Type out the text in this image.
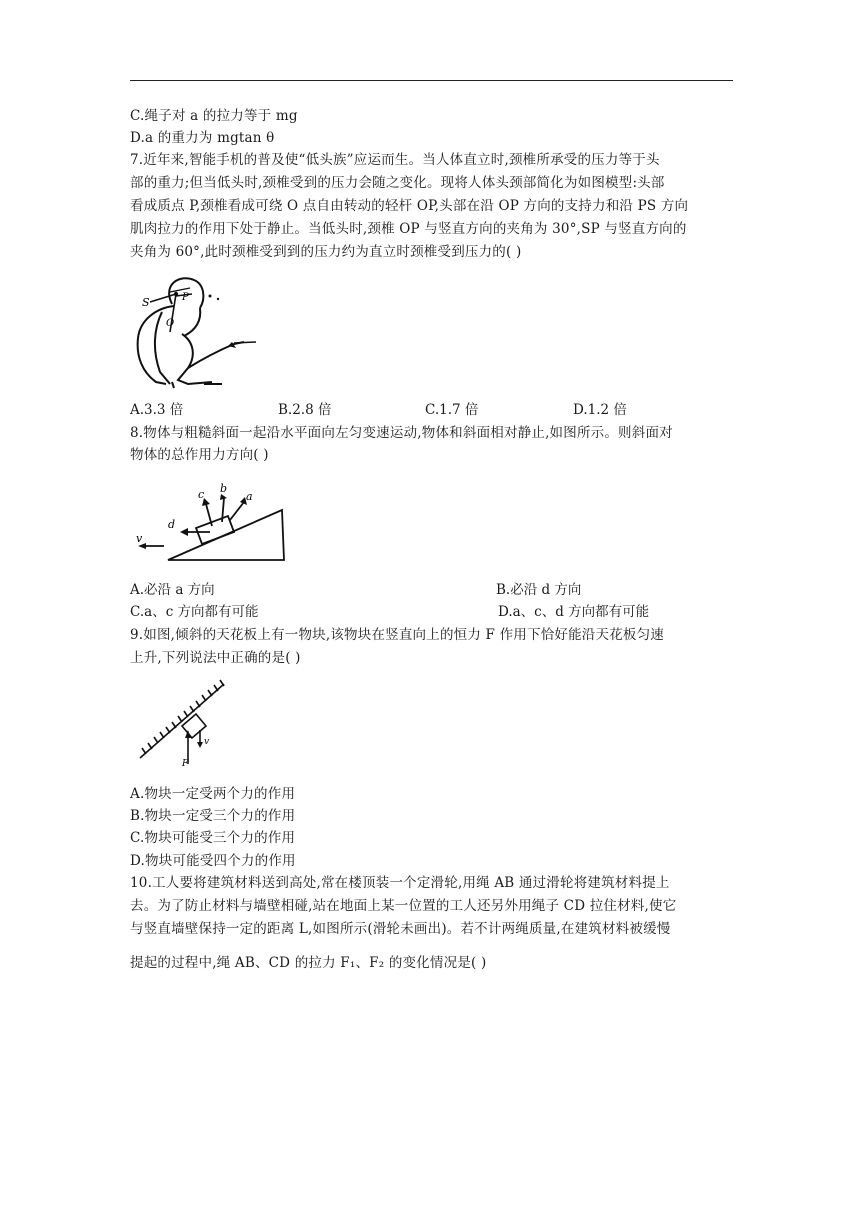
C.绳子对 a 的拉力等于 mg
D.a 的重力为 mgtan θ
7.近年来,智能手机的普及使“低头族”应运而生。当人体直立时,颈椎所承受的压力等于头
部的重力;但当低头时,颈椎受到的压力会随之变化。现将人体头颈部简化为如图模型:头部
看成质点 P,颈椎看成可绕 O 点自由转动的轻杆 OP,头部在沿 OP 方向的支持力和沿 PS 方向
肌肉拉力的作用下处于静止。当低头时,颈椎 OP 与竖直方向的夹角为 30°,SP 与竖直方向的
夹角为 60°,此时颈椎受到到的压力约为直立时颈椎受到压力的( )
S	P
O
A.3.3 倍	B.2.8 倍	C.1.7 倍	D.1.2 倍
8.物体与粗糙斜面一起沿水平面向左匀变速运动,物体和斜面相对静止,如图所示。则斜面对
物体的总作用力方向( )
a
b
c
d
v
A.必沿 a 方向	B.必沿 d 方向
C.a、c 方向都有可能	D.a、c、d 方向都有可能
9.如图,倾斜的天花板上有一物块,该物块在竖直向上的恒力 F 作用下恰好能沿天花板匀速
上升,下列说法中正确的是( )
F
v
A.物块一定受两个力的作用
B.物块一定受三个力的作用
C.物块可能受三个力的作用
D.物块可能受四个力的作用
10.工人要将建筑材料送到高处,常在楼顶装一个定滑轮,用绳 AB 通过滑轮将建筑材料提上
去。为了防止材料与墙壁相碰,站在地面上某一位置的工人还另外用绳子 CD 拉住材料,使它
与竖直墙壁保持一定的距离 L,如图所示(滑轮未画出)。若不计两绳质量,在建筑材料被缓慢
提起的过程中,绳 AB、CD 的拉力 F₁、F₂ 的变化情况是( )
